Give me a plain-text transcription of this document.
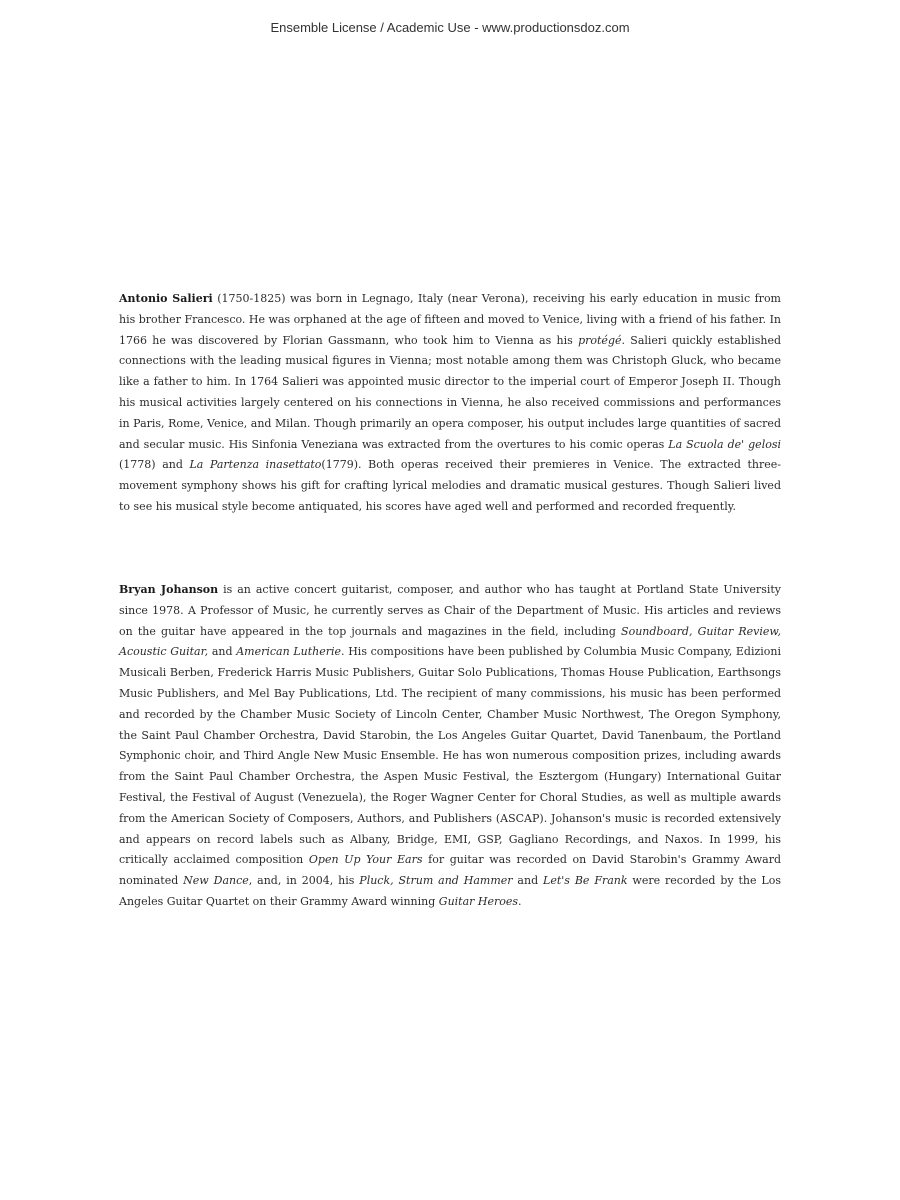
Ensemble License / Academic Use - www.productionsdoz.com

Antonio Salieri (1750-1825) was born in Legnago, Italy (near Verona), receiving his early education in music from his brother Francesco. He was orphaned at the age of fifteen and moved to Venice, living with a friend of his father. In 1766 he was discovered by Florian Gassmann, who took him to Vienna as his protégé. Salieri quickly established connections with the leading musical figures in Vienna; most notable among them was Christoph Gluck, who became like a father to him. In 1764 Salieri was appointed music director to the imperial court of Emperor Joseph II. Though his musical activities largely centered on his connections in Vienna, he also received commissions and performances in Paris, Rome, Venice, and Milan. Though primarily an opera composer, his output includes large quantities of sacred and secular music. His Sinfonia Veneziana was extracted from the overtures to his comic operas La Scuola de' gelosi (1778) and La Partenza inasettato(1779). Both operas received their premieres in Venice. The extracted three-movement symphony shows his gift for crafting lyrical melodies and dramatic musical gestures. Though Salieri lived to see his musical style become antiquated, his scores have aged well and performed and recorded frequently.

Bryan Johanson is an active concert guitarist, composer, and author who has taught at Portland State University since 1978. A Professor of Music, he currently serves as Chair of the Department of Music. His articles and reviews on the guitar have appeared in the top journals and magazines in the field, including Soundboard, Guitar Review, Acoustic Guitar, and American Lutherie. His compositions have been published by Columbia Music Company, Edizioni Musicali Berben, Frederick Harris Music Publishers, Guitar Solo Publications, Thomas House Publication, Earthsongs Music Publishers, and Mel Bay Publications, Ltd. The recipient of many commissions, his music has been performed and recorded by the Chamber Music Society of Lincoln Center, Chamber Music Northwest, The Oregon Symphony, the Saint Paul Chamber Orchestra, David Starobin, the Los Angeles Guitar Quartet, David Tanenbaum, the Portland Symphonic choir, and Third Angle New Music Ensemble. He has won numerous composition prizes, including awards from the Saint Paul Chamber Orchestra, the Aspen Music Festival, the Esztergom (Hungary) International Guitar Festival, the Festival of August (Venezuela), the Roger Wagner Center for Choral Studies, as well as multiple awards from the American Society of Composers, Authors, and Publishers (ASCAP). Johanson's music is recorded extensively and appears on record labels such as Albany, Bridge, EMI, GSP, Gagliano Recordings, and Naxos. In 1999, his critically acclaimed composition Open Up Your Ears for guitar was recorded on David Starobin's Grammy Award nominated New Dance, and, in 2004, his Pluck, Strum and Hammer and Let's Be Frank were recorded by the Los Angeles Guitar Quartet on their Grammy Award winning Guitar Heroes.
